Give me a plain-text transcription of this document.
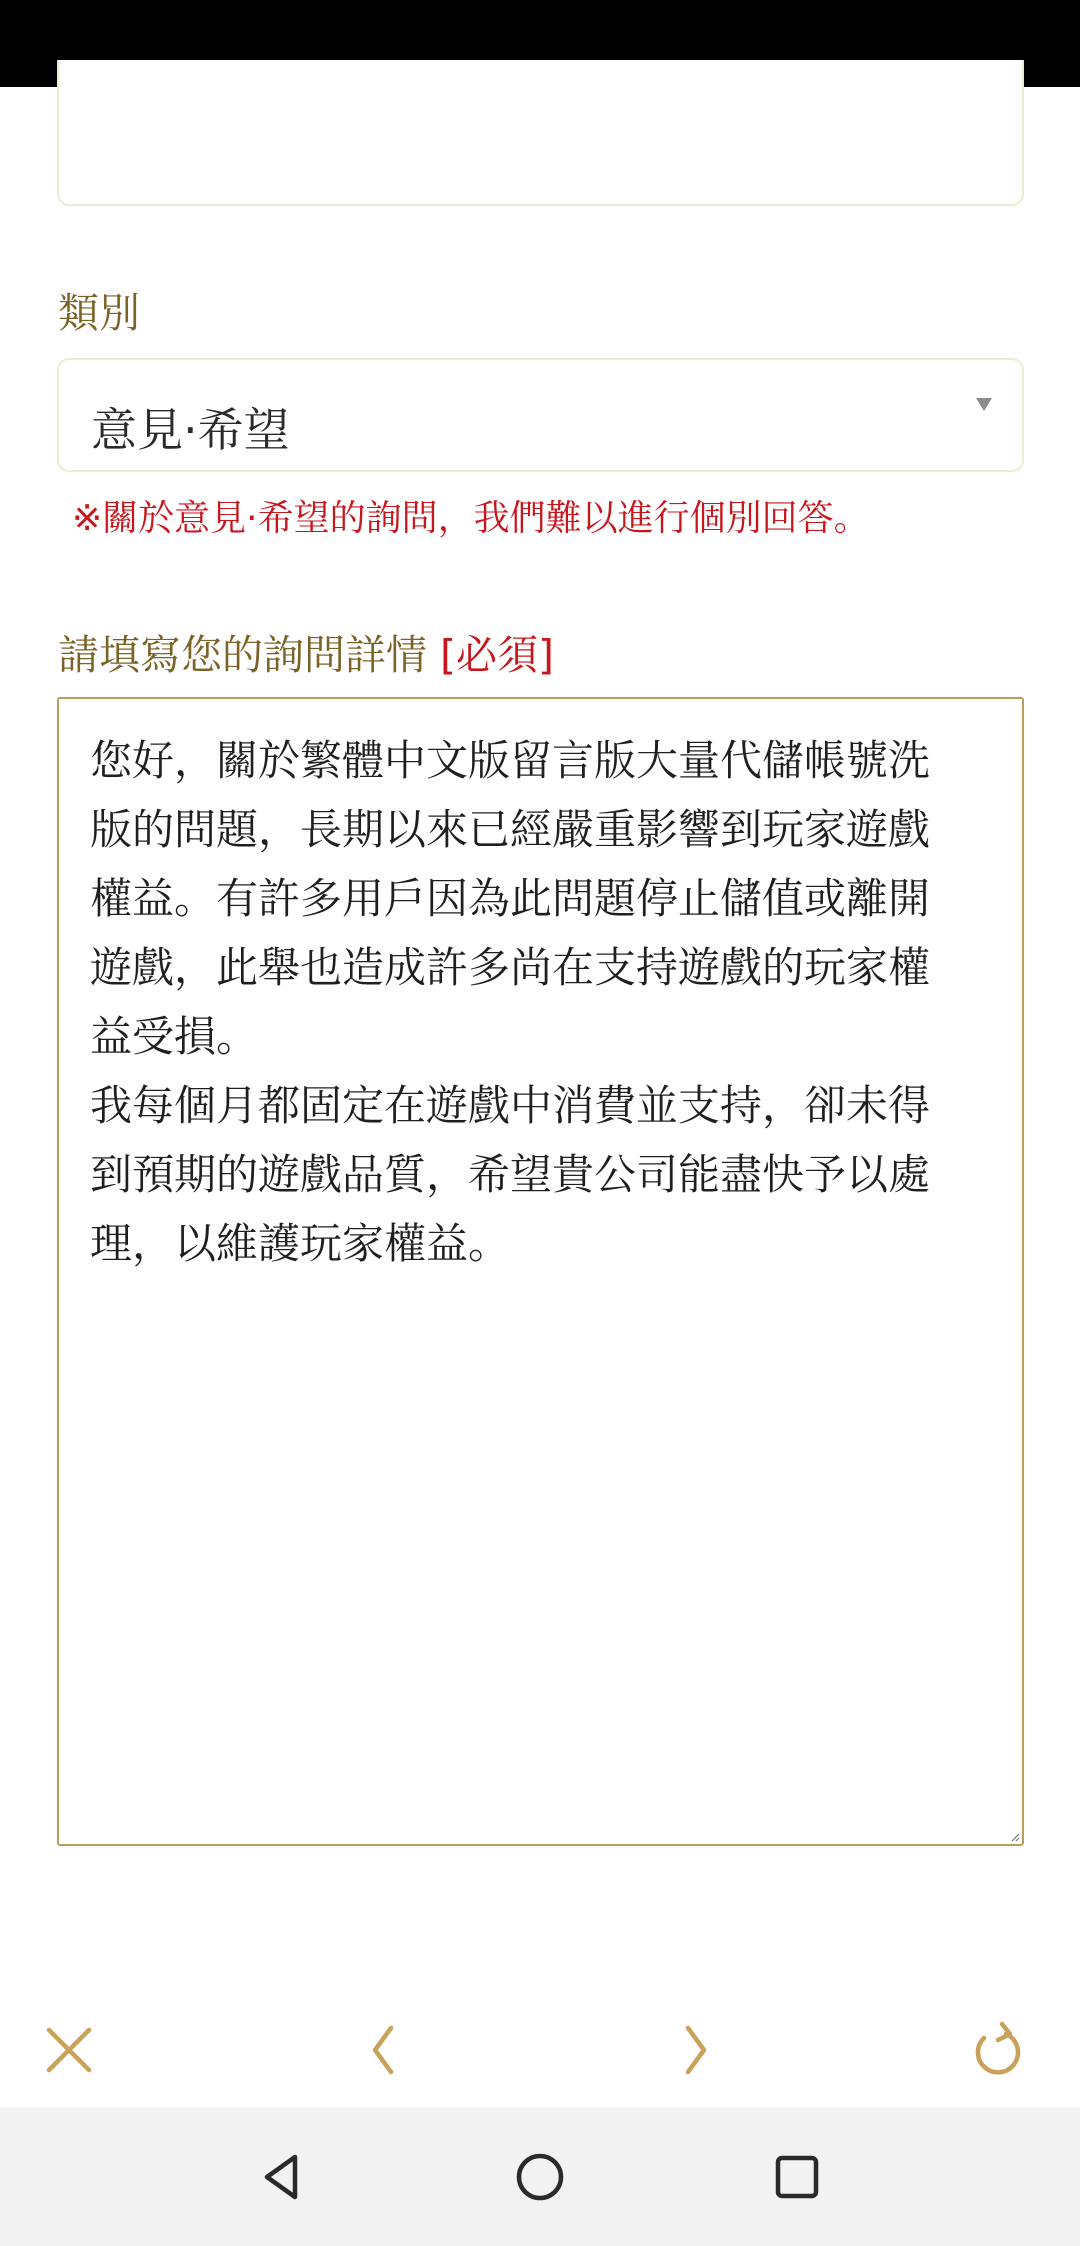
類別
意見·希望
※關於意見·希望的詢問，我們難以進行個別回答。
請填寫您的詢問詳情 [必須]
您好，關於繁體中文版留言版大量代儲帳號洗版的問題，長期以來已經嚴重影響到玩家遊戲權益。有許多用戶因為此問題停止儲值或離開遊戲，此舉也造成許多尚在支持遊戲的玩家權益受損。
我每個月都固定在遊戲中消費並支持，卻未得到預期的遊戲品質，希望貴公司能盡快予以處理，以維護玩家權益。
